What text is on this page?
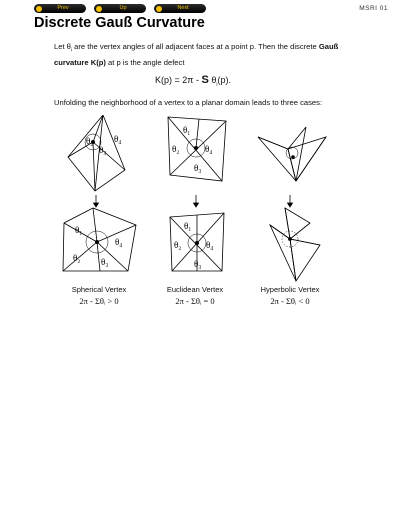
Prev	Up	Next	MSRI 01
Discrete Gauß Curvature
Let $\theta_i$ are the vertex angles of all adjacent faces at a point p. Then the discrete Gauß curvature K(p) at p is the angle defect
K(p) = 2π - S $\theta_i(p)$.
Unfolding the neighborhood of a vertex to a planar domain leads to three cases:
θ₂
θ₃
θ₄
θ₁
θ₂	θ₄
θ₃
θ₁
θ₂ θ₃
θ₄
θ₁
θ₂	θ₄
θ₃
Spherical Vertex
2π - Σθᵢ > 0
Euclidean Vertex
2π - Σθᵢ = 0
Hyperbolic Vertex
2π - Σθᵢ < 0
